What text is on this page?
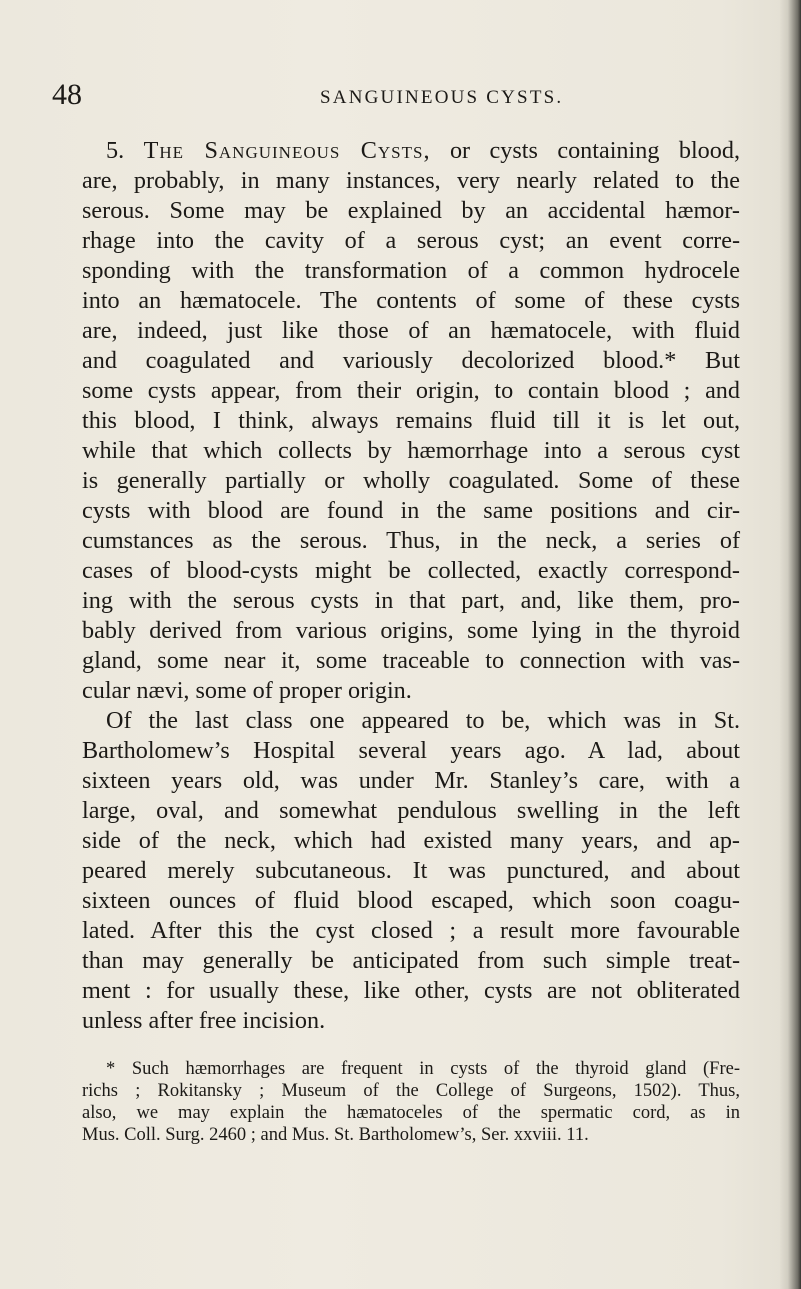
48	SANGUINEOUS CYSTS.
5. The Sanguineous Cysts, or cysts containing blood,
are, probably, in many instances, very nearly related to the
serous. Some may be explained by an accidental hæmor-
rhage into the cavity of a serous cyst; an event corre-
sponding with the transformation of a common hydrocele
into an hæmatocele. The contents of some of these cysts
are, indeed, just like those of an hæmatocele, with fluid
and coagulated and variously decolorized blood.* But
some cysts appear, from their origin, to contain blood ; and
this blood, I think, always remains fluid till it is let out,
while that which collects by hæmorrhage into a serous cyst
is generally partially or wholly coagulated. Some of these
cysts with blood are found in the same positions and cir-
cumstances as the serous. Thus, in the neck, a series of
cases of blood-cysts might be collected, exactly correspond-
ing with the serous cysts in that part, and, like them, pro-
bably derived from various origins, some lying in the thyroid
gland, some near it, some traceable to connection with vas-
cular nævi, some of proper origin.
Of the last class one appeared to be, which was in St.
Bartholomew’s Hospital several years ago. A lad, about
sixteen years old, was under Mr. Stanley’s care, with a
large, oval, and somewhat pendulous swelling in the left
side of the neck, which had existed many years, and ap-
peared merely subcutaneous. It was punctured, and about
sixteen ounces of fluid blood escaped, which soon coagu-
lated. After this the cyst closed ; a result more favourable
than may generally be anticipated from such simple treat-
ment : for usually these, like other, cysts are not obliterated
unless after free incision.
* Such hæmorrhages are frequent in cysts of the thyroid gland (Fre-
richs ; Rokitansky ; Museum of the College of Surgeons, 1502). Thus,
also, we may explain the hæmatoceles of the spermatic cord, as in
Mus. Coll. Surg. 2460 ; and Mus. St. Bartholomew’s, Ser. xxviii. 11.
